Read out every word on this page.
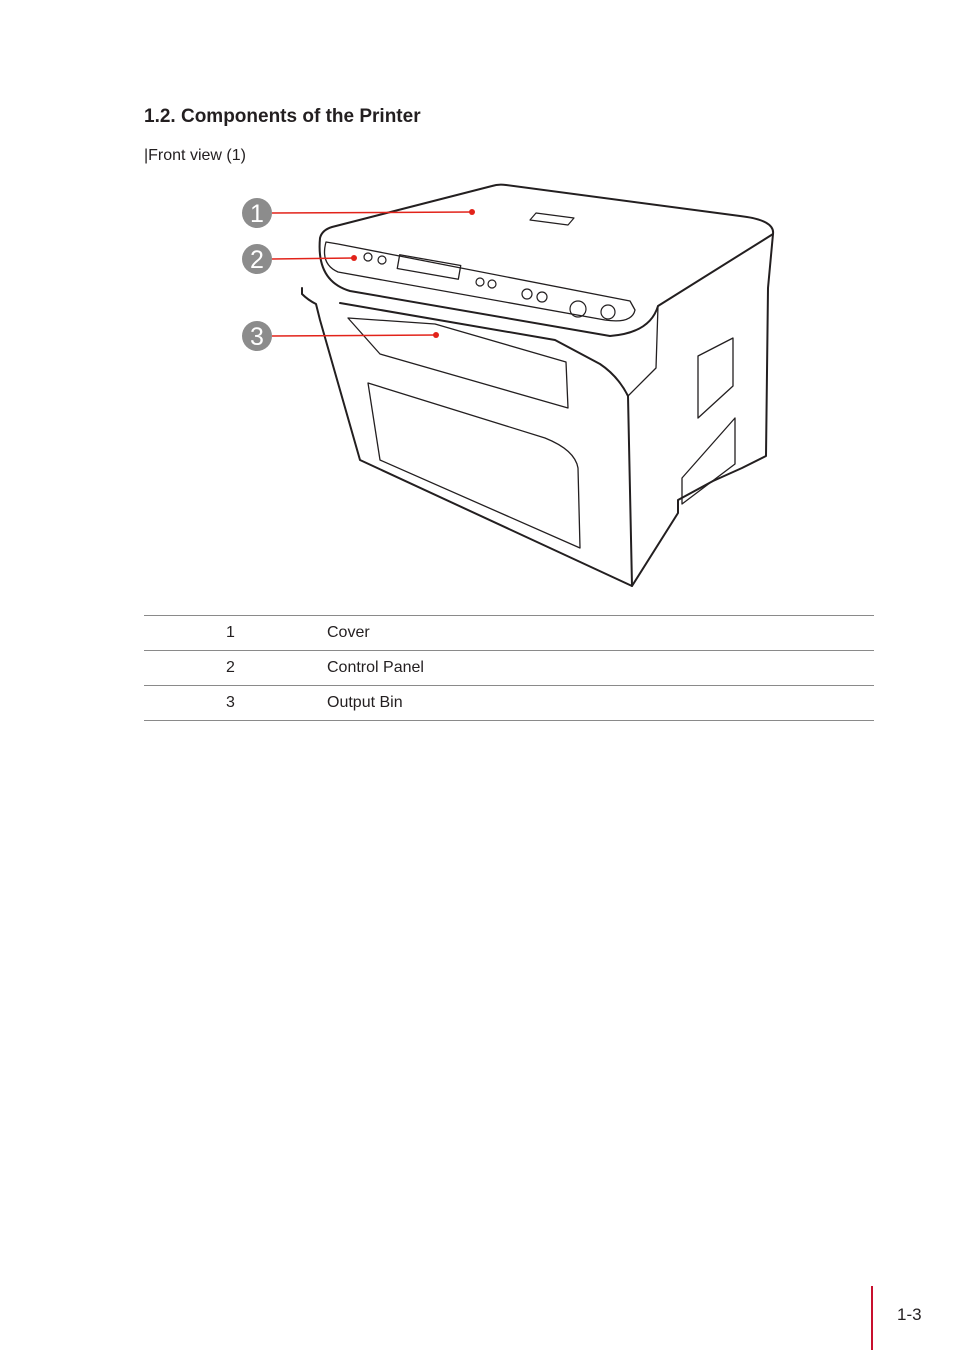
1.2. Components of the Printer
|Front view (1)
1
2
3
1	Cover
2	Control Panel
3	Output Bin
1-3
